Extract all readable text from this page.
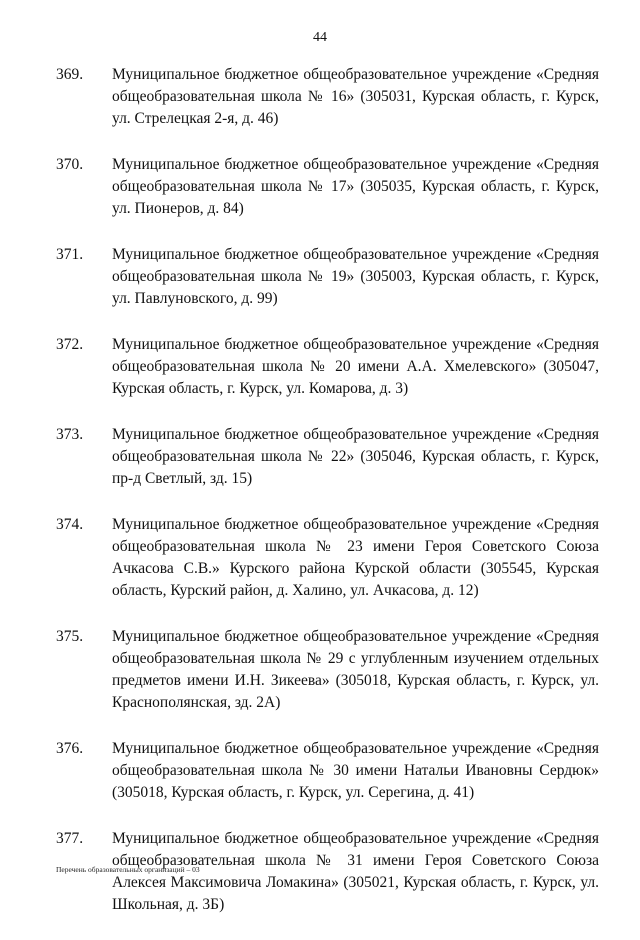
44
369. Муниципальное бюджетное общеобразовательное учреждение «Средняя общеобразовательная школа № 16» (305031, Курская область, г. Курск, ул. Стрелецкая 2-я, д. 46)
370. Муниципальное бюджетное общеобразовательное учреждение «Средняя общеобразовательная школа № 17» (305035, Курская область, г. Курск, ул. Пионеров, д. 84)
371. Муниципальное бюджетное общеобразовательное учреждение «Средняя общеобразовательная школа № 19» (305003, Курская область, г. Курск, ул. Павлуновского, д. 99)
372. Муниципальное бюджетное общеобразовательное учреждение «Средняя общеобразовательная школа № 20 имени А.А. Хмелевского» (305047, Курская область, г. Курск, ул. Комарова, д. 3)
373. Муниципальное бюджетное общеобразовательное учреждение «Средняя общеобразовательная школа № 22» (305046, Курская область, г. Курск, пр-д Светлый, зд. 15)
374. Муниципальное бюджетное общеобразовательное учреждение «Средняя общеобразовательная школа № 23 имени Героя Советского Союза Ачкасова С.В.» Курского района Курской области (305545, Курская область, Курский район, д. Халино, ул. Ачкасова, д. 12)
375. Муниципальное бюджетное общеобразовательное учреждение «Средняя общеобразовательная школа № 29 с углубленным изучением отдельных предметов имени И.Н. Зикеева» (305018, Курская область, г. Курск, ул. Краснополянская, зд. 2А)
376. Муниципальное бюджетное общеобразовательное учреждение «Средняя общеобразовательная школа № 30 имени Натальи Ивановны Сердюк» (305018, Курская область, г. Курск, ул. Серегина, д. 41)
377. Муниципальное бюджетное общеобразовательное учреждение «Средняя общеобразовательная школа № 31 имени Героя Советского Союза Алексея Максимовича Ломакина» (305021, Курская область, г. Курск, ул. Школьная, д. 3Б)
Перечень образовательных организаций – 03
